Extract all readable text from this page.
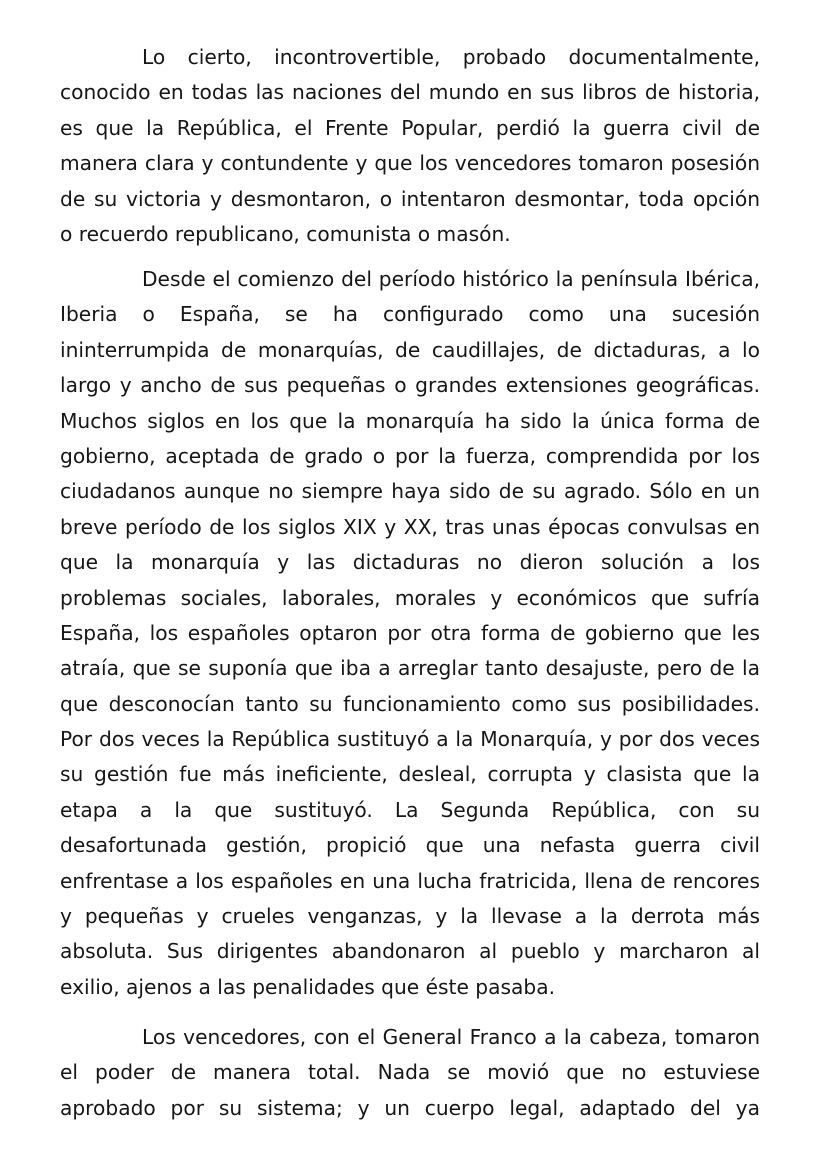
Lo cierto, incontrovertible, probado documentalmente,
conocido en todas las naciones del mundo en sus libros de historia,
es que la República, el Frente Popular, perdió la guerra civil de
manera clara y contundente y que los vencedores tomaron posesión
de su victoria y desmontaron, o intentaron desmontar, toda opción
o recuerdo republicano, comunista o masón.
Desde el comienzo del período histórico la península Ibérica,
Iberia o España, se ha configurado como una sucesión
ininterrumpida de monarquías, de caudillajes, de dictaduras, a lo
largo y ancho de sus pequeñas o grandes extensiones geográficas.
Muchos siglos en los que la monarquía ha sido la única forma de
gobierno, aceptada de grado o por la fuerza, comprendida por los
ciudadanos aunque no siempre haya sido de su agrado. Sólo en un
breve período de los siglos XIX y XX, tras unas épocas convulsas en
que la monarquía y las dictaduras no dieron solución a los
problemas sociales, laborales, morales y económicos que sufría
España, los españoles optaron por otra forma de gobierno que les
atraía, que se suponía que iba a arreglar tanto desajuste, pero de la
que desconocían tanto su funcionamiento como sus posibilidades.
Por dos veces la República sustituyó a la Monarquía, y por dos veces
su gestión fue más ineficiente, desleal, corrupta y clasista que la
etapa a la que sustituyó. La Segunda República, con su
desafortunada gestión, propició que una nefasta guerra civil
enfrentase a los españoles en una lucha fratricida, llena de rencores
y pequeñas y crueles venganzas, y la llevase a la derrota más
absoluta. Sus dirigentes abandonaron al pueblo y marcharon al
exilio, ajenos a las penalidades que éste pasaba.
Los vencedores, con el General Franco a la cabeza, tomaron
el poder de manera total. Nada se movió que no estuviese
aprobado por su sistema; y un cuerpo legal, adaptado del ya
